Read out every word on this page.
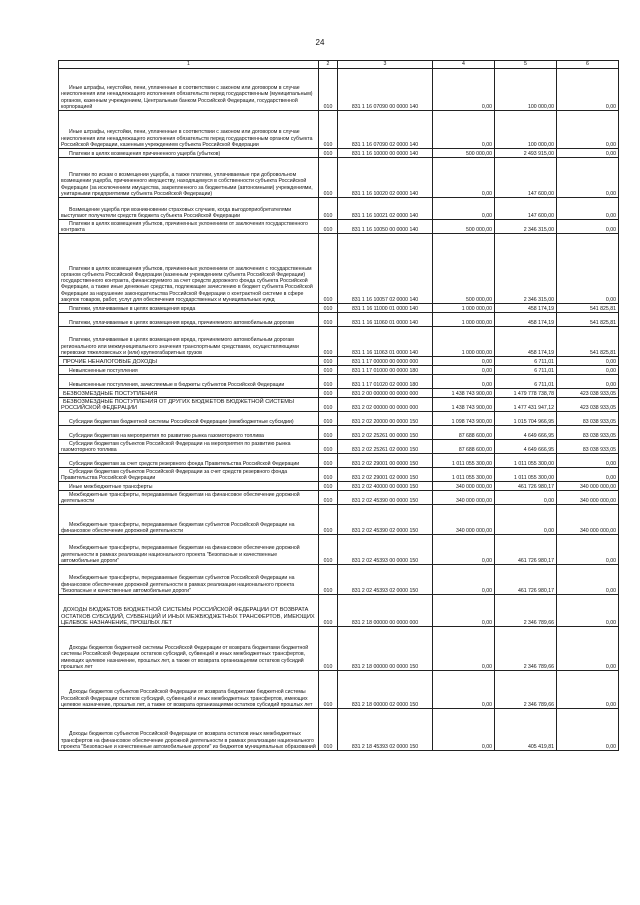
24
1	2	3	4	5	6
Иные штрафы, неустойки, пени, уплаченные в соответствии с законом или договором в случае неисполнения или ненадлежащего исполнения обязательств перед государственным (муниципальным) органом, казенным учреждением, Центральным банком Российской Федерации, государственной корпорацией	010	831 1 16 07090 00 0000 140	0,00	100 000,00	0,00
Иные штрафы, неустойки, пени, уплаченные в соответствии с законом или договором в случае неисполнения или ненадлежащего исполнения обязательств перед государственным органом субъекта Российской Федерации, казенным учреждением субъекта Российской Федерации	010	831 1 16 07090 02 0000 140	0,00	100 000,00	0,00
Платежи в целях возмещения причиненного ущерба (убытков)	010	831 1 16 10000 00 0000 140	500 000,00	2 493 915,00	0,00
Платежи по искам о возмещении ущерба, а также платежи, уплачиваемые при добровольном возмещении ущерба, причиненного имуществу, находящемуся в собственности субъекта Российской Федерации (за исключением имущества, закрепленного за бюджетными (автономными) учреждениями, унитарными предприятиями субъекта Российской Федерации)	010	831 1 16 10020 02 0000 140	0,00	147 600,00	0,00
Возмещение ущерба при возникновении страховых случаев, когда выгодоприобретателями выступают получатели средств бюджета субъекта Российской Федерации	010	831 1 16 10021 02 0000 140	0,00	147 600,00	0,00
Платежи в целях возмещения убытков, причиненных уклонением от заключения государственного контракта	010	831 1 16 10050 00 0000 140	500 000,00	2 346 315,00	0,00
Платежи в целях возмещения убытков, причиненных уклонением от заключения с государственным органом субъекта Российской Федерации (казенным учреждением субъекта Российской Федерации) государственного контракта, финансируемого за счет средств дорожного фонда субъекта Российской Федерации, а также иные денежные средства, подлежащие зачислению в бюджет субъекта Российской Федерации за нарушение законодательства Российской Федерации о контрактной системе в сфере закупок товаров, работ, услуг для обеспечения государственных и муниципальных нужд	010	831 1 16 10057 02 0000 140	500 000,00	2 346 315,00	0,00
Платежи, уплачиваемые в целях возмещения вреда	010	831 1 16 11000 01 0000 140	1 000 000,00	458 174,19	541 825,81
Платежи, уплачиваемые в целях возмещения вреда, причиняемого автомобильным дорогам	010	831 1 16 11060 01 0000 140	1 000 000,00	458 174,19	541 825,81
Платежи, уплачиваемые в целях возмещения вреда, причиняемого автомобильным дорогам регионального или межмуниципального значения транспортными средствами, осуществляющими перевозки тяжеловесных и (или) крупногабаритных грузов	010	831 1 16 11063 01 0000 140	1 000 000,00	458 174,19	541 825,81
ПРОЧИЕ НЕНАЛОГОВЫЕ ДОХОДЫ	010	831 1 17 00000 00 0000 000	0,00	6 711,01	0,00
Невыясненные поступления	010	831 1 17 01000 00 0000 180	0,00	6 711,01	0,00
Невыясненные поступления, зачисляемые в бюджеты субъектов Российской Федерации	010	831 1 17 01020 02 0000 180	0,00	6 711,01	0,00
БЕЗВОЗМЕЗДНЫЕ ПОСТУПЛЕНИЯ	010	831 2 00 00000 00 0000 000	1 438 743 900,00	1 479 778 738,78	423 038 933,05
БЕЗВОЗМЕЗДНЫЕ ПОСТУПЛЕНИЯ ОТ ДРУГИХ БЮДЖЕТОВ БЮДЖЕТНОЙ СИСТЕМЫ РОССИЙСКОЙ ФЕДЕРАЦИИ	010	831 2 02 00000 00 0000 000	1 438 743 900,00	1 477 431 947,12	423 038 933,05
Субсидии бюджетам бюджетной системы Российской Федерации (межбюджетные субсидии)	010	831 2 02 20000 00 0000 150	1 098 743 900,00	1 015 704 966,95	83 038 933,05
Субсидии бюджетам на мероприятия по развитию рынка газомоторного топлива	010	831 2 02 25261 00 0000 150	87 688 600,00	4 649 666,95	83 038 933,05
Субсидии бюджетам субъектов Российской Федерации на мероприятия по развитию рынка газомоторного топлива	010	831 2 02 25261 02 0000 150	87 688 600,00	4 649 666,95	83 038 933,05
Субсидии бюджетам за счет средств резервного фонда Правительства Российской Федерации	010	831 2 02 29001 00 0000 150	1 011 055 300,00	1 011 055 300,00	0,00
Субсидии бюджетам субъектов Российской Федерации за счет средств резервного фонда Правительства Российской Федерации	010	831 2 02 29001 02 0000 150	1 011 055 300,00	1 011 055 300,00	0,00
Иные межбюджетные трансферты	010	831 2 02 40000 00 0000 150	340 000 000,00	461 726 980,17	340 000 000,00
Межбюджетные трансферты, передаваемые бюджетам на финансовое обеспечение дорожной деятельности	010	831 2 02 45390 00 0000 150	340 000 000,00	0,00	340 000 000,00
Межбюджетные трансферты, передаваемые бюджетам субъектов Российской Федерации на финансовое обеспечение дорожной деятельности	010	831 2 02 45390 02 0000 150	340 000 000,00	0,00	340 000 000,00
Межбюджетные трансферты, передаваемые бюджетам на финансовое обеспечение дорожной деятельности в рамках реализации национального проекта "Безопасные и качественные автомобильные дороги"	010	831 2 02 45393 00 0000 150	0,00	461 726 980,17	0,00
Межбюджетные трансферты, передаваемые бюджетам субъектов Российской Федерации на финансовое обеспечение дорожной деятельности в рамках реализации национального проекта "Безопасные и качественные автомобильные дороги"	010	831 2 02 45393 02 0000 150	0,00	461 726 980,17	0,00
ДОХОДЫ БЮДЖЕТОВ БЮДЖЕТНОЙ СИСТЕМЫ РОССИЙСКОЙ ФЕДЕРАЦИИ ОТ ВОЗВРАТА ОСТАТКОВ СУБСИДИЙ, СУБВЕНЦИЙ И ИНЫХ МЕЖБЮДЖЕТНЫХ ТРАНСФЕРТОВ, ИМЕЮЩИХ ЦЕЛЕВОЕ НАЗНАЧЕНИЕ, ПРОШЛЫХ ЛЕТ	010	831 2 18 00000 00 0000 000	0,00	2 346 789,66	0,00
Доходы бюджетов бюджетной системы Российской Федерации от возврата бюджетами бюджетной системы Российской Федерации остатков субсидий, субвенций и иных межбюджетных трансфертов, имеющих целевое назначение, прошлых лет, а также от возврата организациями остатков субсидий прошлых лет	010	831 2 18 00000 00 0000 150	0,00	2 346 789,66	0,00
Доходы бюджетов субъектов Российской Федерации от возврата бюджетами бюджетной системы Российской Федерации остатков субсидий, субвенций и иных межбюджетных трансфертов, имеющих целевое назначение, прошлых лет, а также от возврата организациями остатков субсидий прошлых лет	010	831 2 18 00000 02 0000 150	0,00	2 346 789,66	0,00
Доходы бюджетов субъектов Российской Федерации от возврата остатков иных межбюджетных трансфертов на финансовое обеспечение дорожной деятельности в рамках реализации национального проекта "Безопасные и качественные автомобильные дороги" из бюджетов муниципальных образований	010	831 2 18 45393 02 0000 150	0,00	405 419,81	0,00
